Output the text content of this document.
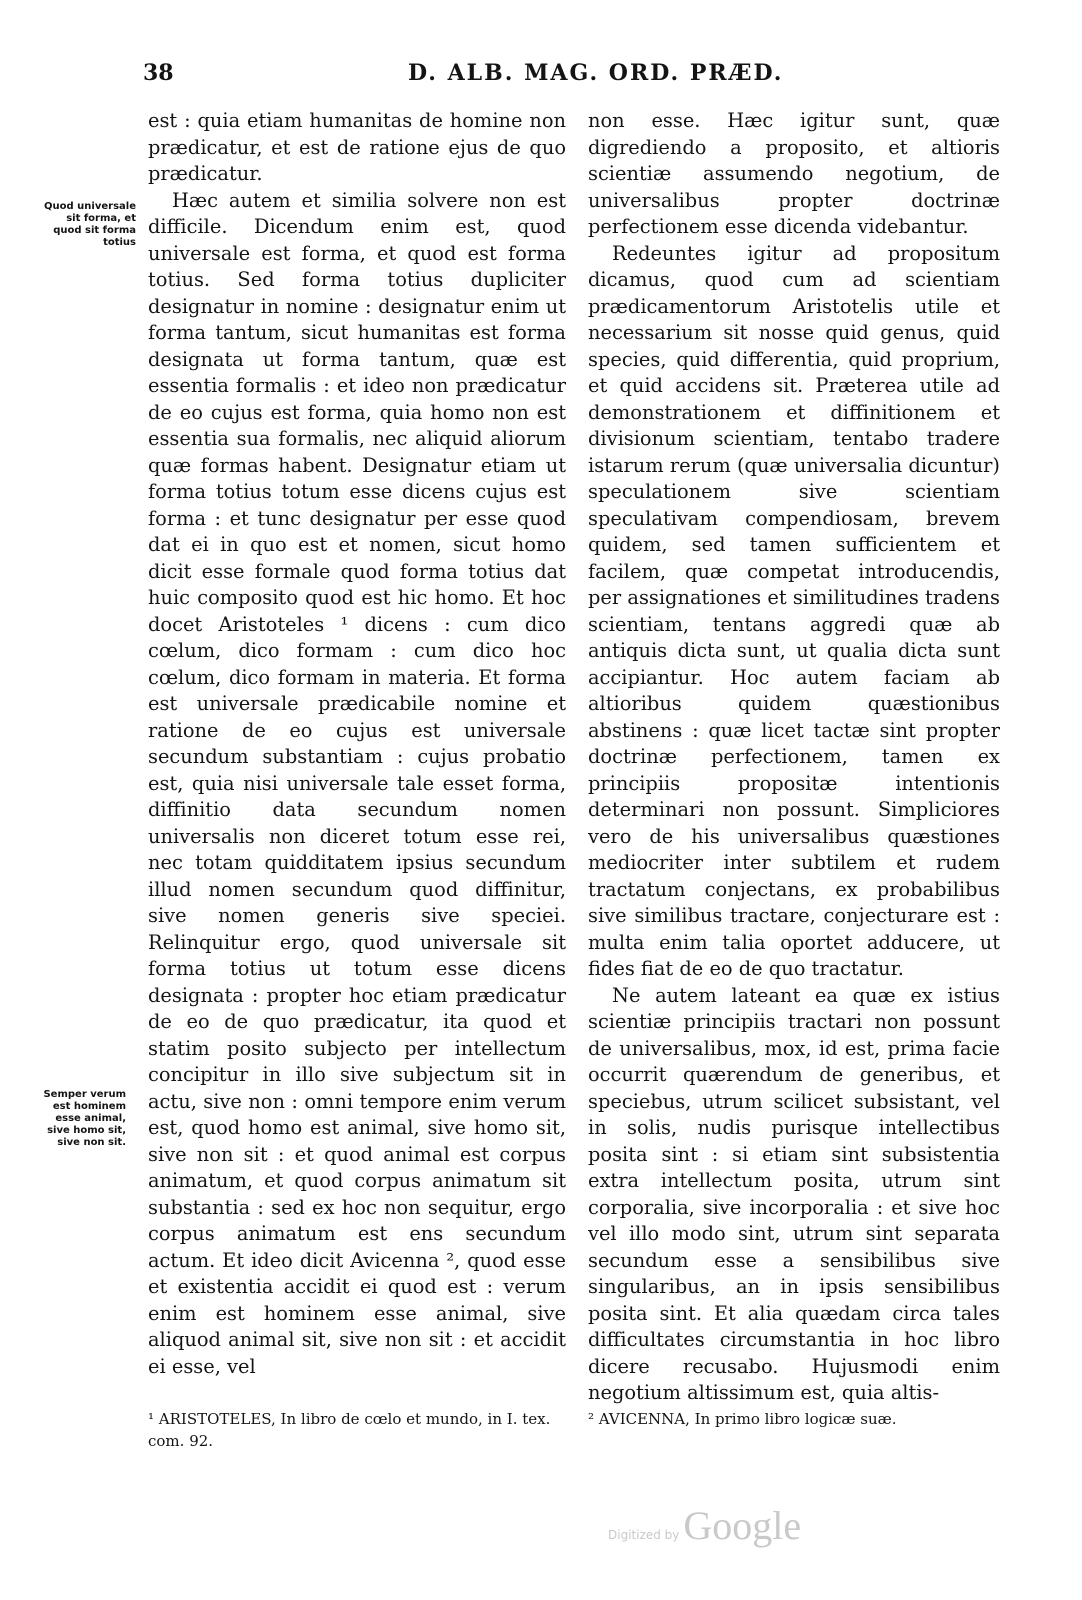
38	D. ALB. MAG. ORD. PRÆD.
Quod universale sit forma, et quod sit forma totius
Semper verum est hominem esse animal, sive homo sit, sive non sit.

est : quia etiam humanitas de homine non prædicatur, et est de ratione ejus de quo prædicatur.

Hæc autem et similia solvere non est difficile. Dicendum enim est, quod universale est forma, et quod est forma totius. Sed forma totius dupliciter designatur in nomine : designatur enim ut forma tantum, sicut humanitas est forma designata ut forma tantum, quæ est essentia formalis : et ideo non prædicatur de eo cujus est forma, quia homo non est essentia sua formalis, nec aliquid aliorum quæ formas habent. Designatur etiam ut forma totius totum esse dicens cujus est forma : et tunc designatur per esse quod dat ei in quo est et nomen, sicut homo dicit esse formale quod forma totius dat huic composito quod est hic homo. Et hoc docet Aristoteles ¹ dicens : cum dico cœlum, dico formam : cum dico hoc cœlum, dico formam in materia. Et forma est universale prædicabile nomine et ratione de eo cujus est universale secundum substantiam : cujus probatio est, quia nisi universale tale esset forma, diffinitio data secundum nomen universalis non diceret totum esse rei, nec totam quidditatem ipsius secundum illud nomen secundum quod diffinitur, sive nomen generis sive speciei. Relinquitur ergo, quod universale sit forma totius ut totum esse dicens designata : propter hoc etiam prædicatur de eo de quo prædicatur, ita quod et statim posito subjecto per intellectum concipitur in illo sive subjectum sit in actu, sive non : omni tempore enim verum est, quod homo est animal, sive homo sit, sive non sit : et quod animal est corpus animatum, et quod corpus animatum sit substantia : sed ex hoc non sequitur, ergo corpus animatum est ens secundum actum. Et ideo dicit Avicenna ², quod esse et existentia accidit ei quod est : verum enim est hominem esse animal, sive aliquod animal sit, sive non sit : et accidit ei esse, vel

non esse. Hæc igitur sunt, quæ digrediendo a proposito, et altioris scientiæ assumendo negotium, de universalibus propter doctrinæ perfectionem esse dicenda videbantur.

Redeuntes igitur ad propositum dicamus, quod cum ad scientiam prædicamentorum Aristotelis utile et necessarium sit nosse quid genus, quid species, quid differentia, quid proprium, et quid accidens sit. Præterea utile ad demonstrationem et diffinitionem et divisionum scientiam, tentabo tradere istarum rerum (quæ universalia dicuntur) speculationem sive scientiam speculativam compendiosam, brevem quidem, sed tamen sufficientem et facilem, quæ competat introducendis, per assignationes et similitudines tradens scientiam, tentans aggredi quæ ab antiquis dicta sunt, ut qualia dicta sunt accipiantur. Hoc autem faciam ab altioribus quidem quæstionibus abstinens : quæ licet tactæ sint propter doctrinæ perfectionem, tamen ex principiis propositæ intentionis determinari non possunt. Simpliciores vero de his universalibus quæstiones mediocriter inter subtilem et rudem tractatum conjectans, ex probabilibus sive similibus tractare, conjecturare est : multa enim talia oportet adducere, ut fides fiat de eo de quo tractatur.

Ne autem lateant ea quæ ex istius scientiæ principiis tractari non possunt de universalibus, mox, id est, prima facie occurrit quærendum de generibus, et speciebus, utrum scilicet subsistant, vel in solis, nudis purisque intellectibus posita sint : si etiam sint subsistentia extra intellectum posita, utrum sint corporalia, sive incorporalia : et sive hoc vel illo modo sint, utrum sint separata secundum esse a sensibilibus sive singularibus, an in ipsis sensibilibus posita sint. Et alia quædam circa tales difficultates circumstantia in hoc libro dicere recusabo. Hujusmodi enim negotium altissimum est, quia altis-

¹ ARISTOTELES, In libro de cœlo et mundo, in I. tex. com. 92.
² AVICENNA, In primo libro logicæ suæ.
Digitized by Google
